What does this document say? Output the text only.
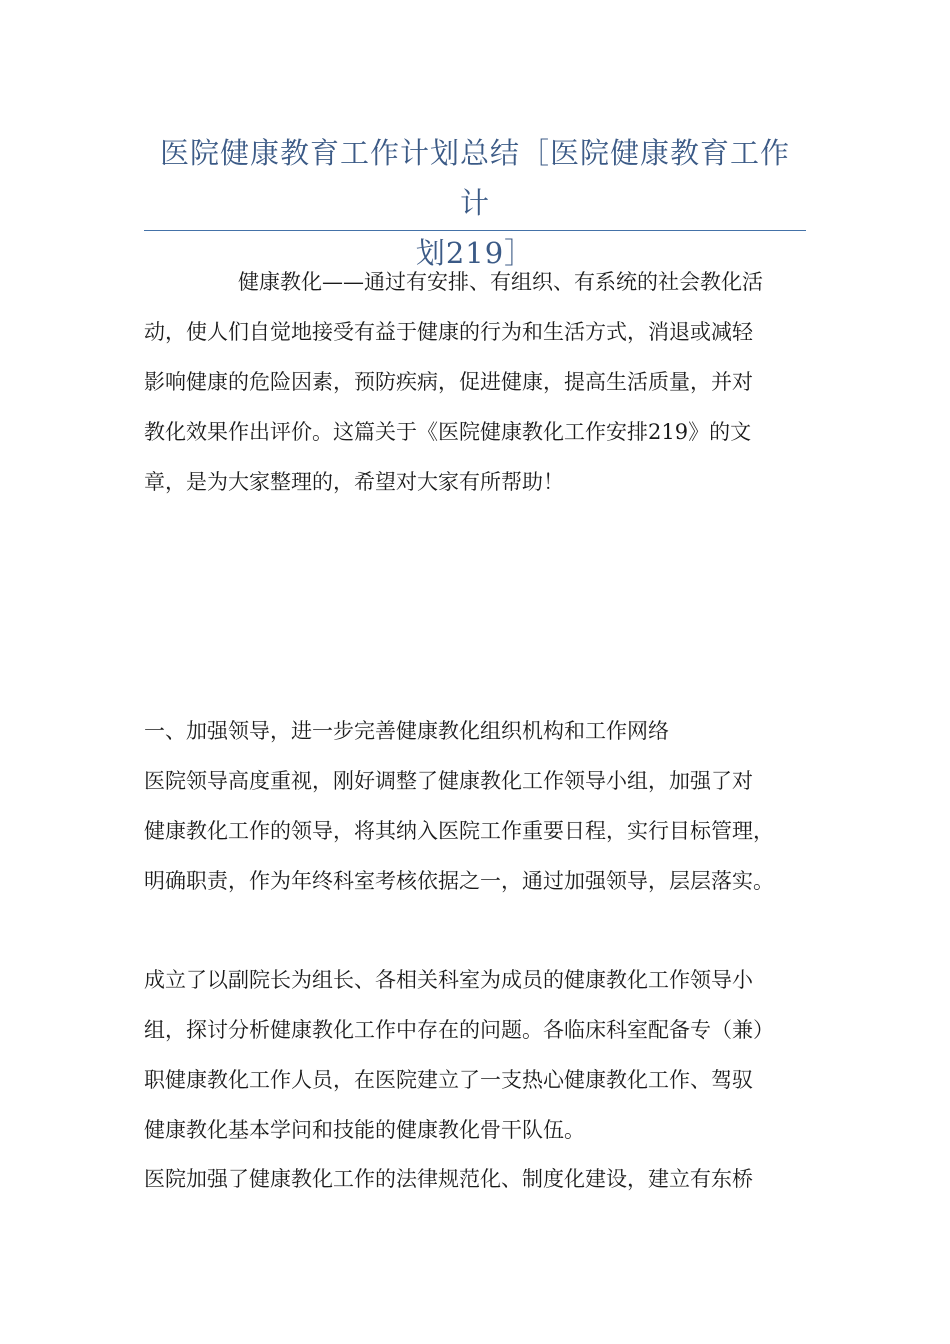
医院健康教育工作计划总结［医院健康教育工作计
划219］
健康教化——通过有安排、有组织、有系统的社会教化活
动，使人们自觉地接受有益于健康的行为和生活方式，消退或减轻
影响健康的危险因素，预防疾病，促进健康，提高生活质量，并对
教化效果作出评价。这篇关于《医院健康教化工作安排219》的文
章，是为大家整理的，希望对大家有所帮助！
一、加强领导，进一步完善健康教化组织机构和工作网络
医院领导高度重视，刚好调整了健康教化工作领导小组，加强了对
健康教化工作的领导，将其纳入医院工作重要日程，实行目标管理，
明确职责，作为年终科室考核依据之一，通过加强领导，层层落实。
成立了以副院长为组长、各相关科室为成员的健康教化工作领导小
组，探讨分析健康教化工作中存在的问题。各临床科室配备专（兼）
职健康教化工作人员，在医院建立了一支热心健康教化工作、驾驭
健康教化基本学问和技能的健康教化骨干队伍。
医院加强了健康教化工作的法律规范化、制度化建设，建立有东桥
